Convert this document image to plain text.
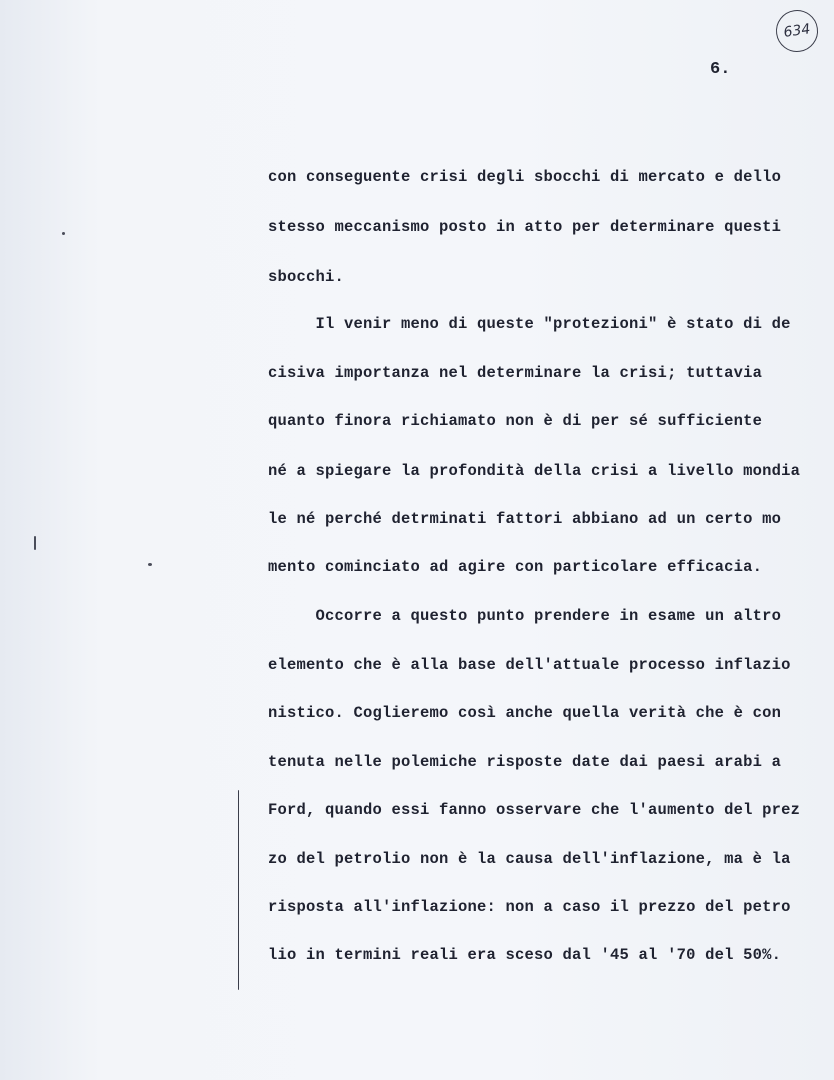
634
6.
con conseguente crisi degli sbocchi di mercato e dello
stesso meccanismo posto in atto per determinare questi
sbocchi.
Il venir meno di queste "protezioni" è stato di de
cisiva importanza nel determinare la crisi; tuttavia
quanto finora richiamato non è di per sé sufficiente
né a spiegare la profondità della crisi a livello mondia
le né perché detrminati fattori abbiano ad un certo mo
mento cominciato ad agire con particolare efficacia.
Occorre a questo punto prendere in esame un altro
elemento che è alla base dell'attuale processo inflazio
nistico. Coglieremo così anche quella verità che è con
tenuta nelle polemiche risposte date dai paesi arabi a
Ford, quando essi fanno osservare che l'aumento del prez
zo del petrolio non è la causa dell'inflazione, ma è la
risposta all'inflazione: non a caso il prezzo del petro
lio in termini reali era sceso dal '45 al '70 del 50%.
